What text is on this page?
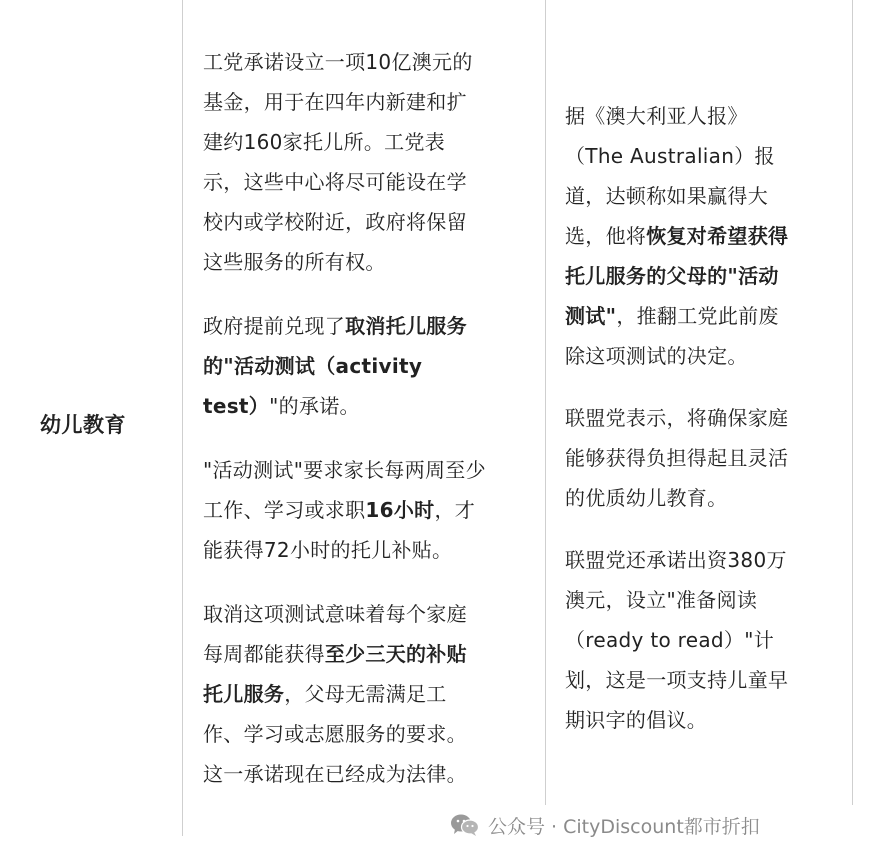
幼儿教育

工党承诺设立一项10亿澳元的
基金，用于在四年内新建和扩
建约160家托儿所。工党表
示，这些中心将尽可能设在学
校内或学校附近，政府将保留
这些服务的所有权。

政府提前兑现了取消托儿服务
的"活动测试（activity
test）"的承诺。

"活动测试"要求家长每两周至少
工作、学习或求职16小时，才
能获得72小时的托儿补贴。

取消这项测试意味着每个家庭
每周都能获得至少三天的补贴
托儿服务，父母无需满足工
作、学习或志愿服务的要求。
这一承诺现在已经成为法律。

据《澳大利亚人报》
（The Australian）报
道，达顿称如果赢得大
选，他将恢复对希望获得
托儿服务的父母的"活动
测试"，推翻工党此前废
除这项测试的决定。

联盟党表示，将确保家庭
能够获得负担得起且灵活
的优质幼儿教育。

联盟党还承诺出资380万
澳元，设立"准备阅读
（ready to read）"计
划，这是一项支持儿童早
期识字的倡议。

公众号 · CityDiscount都市折扣
